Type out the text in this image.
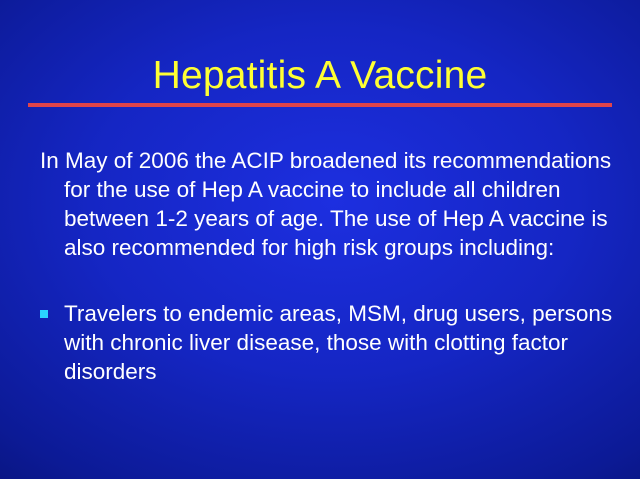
Hepatitis A Vaccine

In May of 2006 the ACIP broadened its recommendations for the use of Hep A vaccine to include all children between 1-2 years of age. The use of Hep A vaccine is also recommended for high risk groups including:

Travelers to endemic areas, MSM, drug users, persons with chronic liver disease, those with clotting factor disorders
